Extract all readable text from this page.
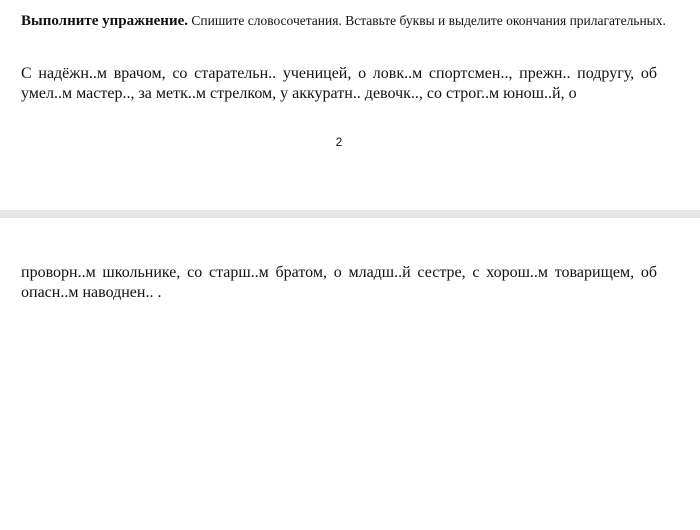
Выполните упражнение. Спишите словосочетания. Вставьте буквы и выделите окончания прилагательных.

С надёжн..м врачом, со старательн.. ученицей, о ловк..м спортсмен.., прежн.. подругу, об умел..м мастер.., за метк..м стрелком, у аккуратн.. девочк.., со строг..м юнош..й, о

2

проворн..м школьнике, со старш..м братом, о младш..й сестре, с хорош..м товарищем, об опасн..м наводнен.. .
